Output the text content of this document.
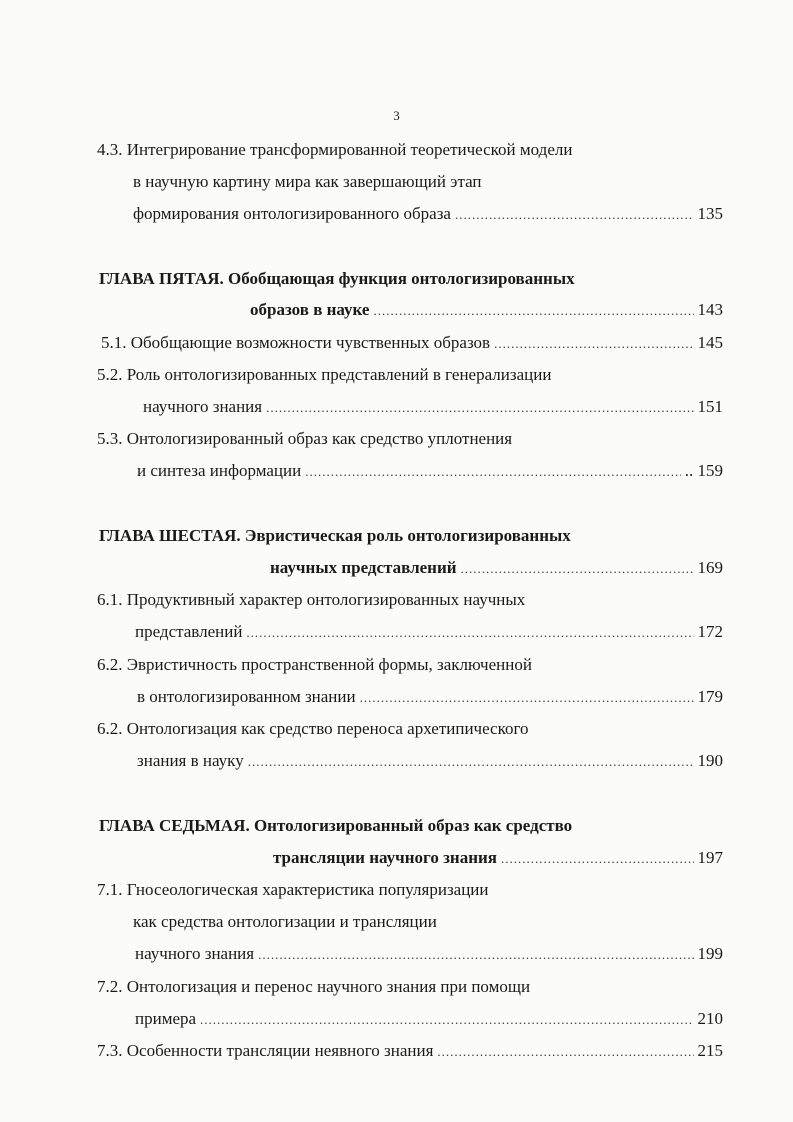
3
4.3. Интегрирование трансформированной теоретической модели
в научную картину мира как завершающий этап
формирования онтологизированного образа .....	135
ГЛАВА ПЯТАЯ. Обобщающая функция онтологизированных
образов в науке .....	143
5.1. Обобщающие возможности чувственных образов .....	145
5.2. Роль онтологизированных представлений в генерализации
научного знания .....	151
5.3. Онтологизированный образ как средство уплотнения
и синтеза информации .....	.. 159
ГЛАВА ШЕСТАЯ. Эвристическая роль онтологизированных
научных представлений .....	169
6.1. Продуктивный характер онтологизированных научных
представлений .....	172
6.2. Эвристичность пространственной формы, заключенной
в онтологизированном знании .....	179
6.2. Онтологизация как средство переноса архетипического
знания в науку .....	190
ГЛАВА СЕДЬМАЯ. Онтологизированный образ как средство
трансляции научного знания .....	197
7.1. Гносеологическая характеристика популяризации
как средства онтологизации и трансляции
научного знания .....	199
7.2. Онтологизация и перенос научного знания при помощи
примера .....	210
7.3. Особенности трансляции неявного знания .....	215
